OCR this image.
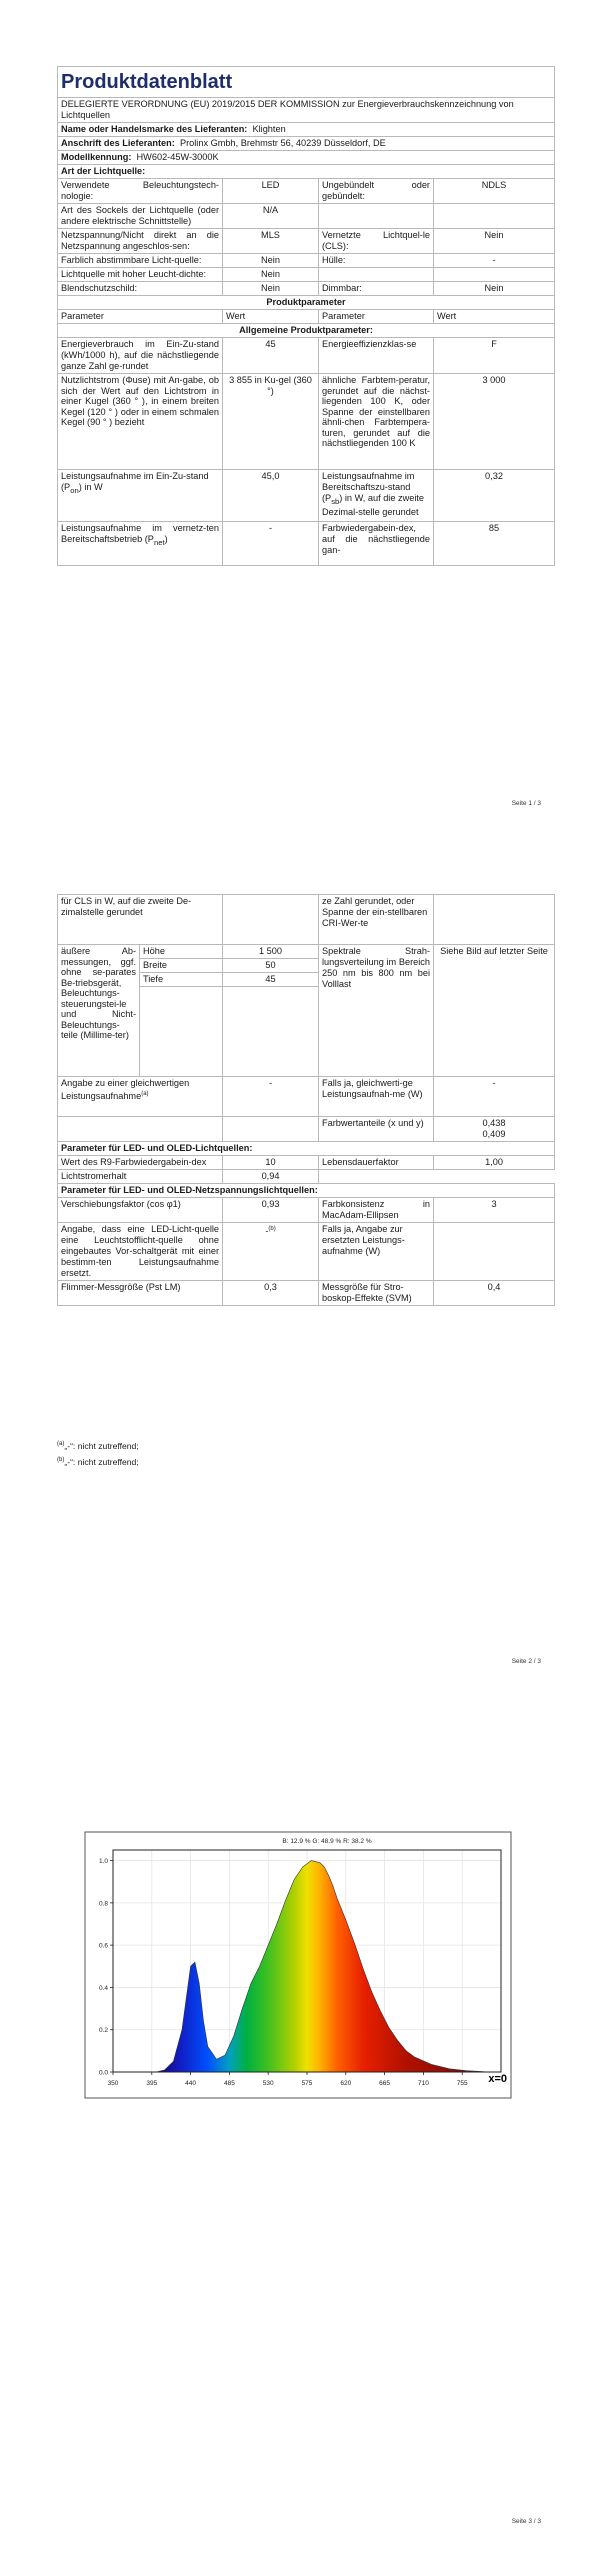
Produktdatenblatt			
DELEGIERTE VERORDNUNG (EU) 2019/2015 DER KOMMISSION zur Energieverbrauchskennzeichnung von Lichtquellen			
Name oder Handelsmarke des Lieferanten: Klighten			
Anschrift des Lieferanten: Prolinx Gmbh, Brehmstr 56, 40239 Düsseldorf, DE			
Modellkennung: HW602-45W-3000K			
Art der Lichtquelle:			
Verwendete Beleuchtungstech-nologie:	LED	Ungebündelt oder gebündelt:	NDLS
Art des Sockels der Lichtquelle (oder andere elektrische Schnittstelle)	N/A		
Netzspannung/Nicht direkt an die Netzspannung angeschlos-sen:	MLS	Vernetzte Lichtquel-le (CLS):	Nein
Farblich abstimmbare Licht-quelle:	Nein	Hülle:	-
Lichtquelle mit hoher Leucht-dichte:	Nein		
Blendschutzschild:	Nein	Dimmbar:	Nein
Produktparameter			
Parameter	Wert	Parameter	Wert
Allgemeine Produktparameter:			
Energieverbrauch im Ein-Zu-stand (kWh/1000 h), auf die nächstliegende ganze Zahl ge-rundet	45	Energieeffizienzklas-se	F
Nutzlichtstrom (Φuse) mit An-gabe, ob sich der Wert auf den Lichtstrom in einer Kugel (360 ° ), in einem breiten Kegel (120 ° ) oder in einem schmalen Kegel (90 ° ) bezieht	3 855 in Ku-gel (360 °)	ähnliche Farbtem-peratur, gerundet auf die nächst-liegenden 100 K, oder Spanne der einstellbaren ähnli-chen Farbtempera-turen, gerundet auf die nächstliegenden 100 K	3 000
Leistungsaufnahme im Ein-Zu-stand $(P_{on})$ in W	45,0	Leistungsaufnahme im Bereitschaftszu-stand $(P_{sb})$ in W, auf die zweite Dezimal-stelle gerundet	0,32
Leistungsaufnahme im vernetz-ten Bereitschaftsbetrieb $(P_{net})$	-	Farbwiedergabein-dex, auf die nächstliegende gan-	85
Seite 1 / 3
für CLS in W, auf die zweite De-zimalstelle gerundet			ze Zahl gerundet, oder Spanne der ein-stellbaren CRI-Wer-te	
äußere Ab-messungen, ggf. ohne se-parates Be-triebsgerät, Beleuchtungs-steuerungstei-le und Nicht-Beleuchtungs-teile (Millime-ter)	Höhe	1 500	Spektrale Strah-lungsverteilung im Bereich 250 nm bis 800 nm bei Volllast	Siehe Bild auf letzter Seite
	Breite	50		
	Tiefe	45		

Angabe zu einer gleichwertigen Leistungsaufnahme$^{(a)}$		-	Falls ja, gleichwerti-ge Leistungsaufnah-me (W)	-
			Farbwertanteile (x und y)	0,438
0,409

Parameter für LED- und OLED-Lichtquellen:				
Wert des R9-Farbwiedergabein-dex		10	Lebensdauerfaktor	1,00
Lichtstromerhalt		0,94		
Parameter für LED- und OLED-Netzspannungslichtquellen:				
Verschiebungsfaktor (cos φ1)		0,93	Farbkonsistenz in MacAdam-Ellipsen	3
Angabe, dass eine LED-Licht-quelle eine Leuchtstofflicht-quelle ohne eingebautes Vor-schaltgerät mit einer bestimm-ten Leistungsaufnahme ersetzt.		-$^{(b)}$	Falls ja, Angabe zur ersetzten Leistungs-aufnahme (W)	
Flimmer-Messgröße (Pst LM)		0,3	Messgröße für Stro-boskop-Effekte (SVM)	0,4
$^{(a)}$„-“: nicht zutreffend;
$^{(b)}$„-“: nicht zutreffend;
Seite 2 / 3
0.0
0.2
0.4
0.6
0.8
1.0
350	395	440	485	530	575	620	665	710	755
B: 12.9 % G: 48.9 % R: 38.2 %
x=0
Seite 3 / 3
